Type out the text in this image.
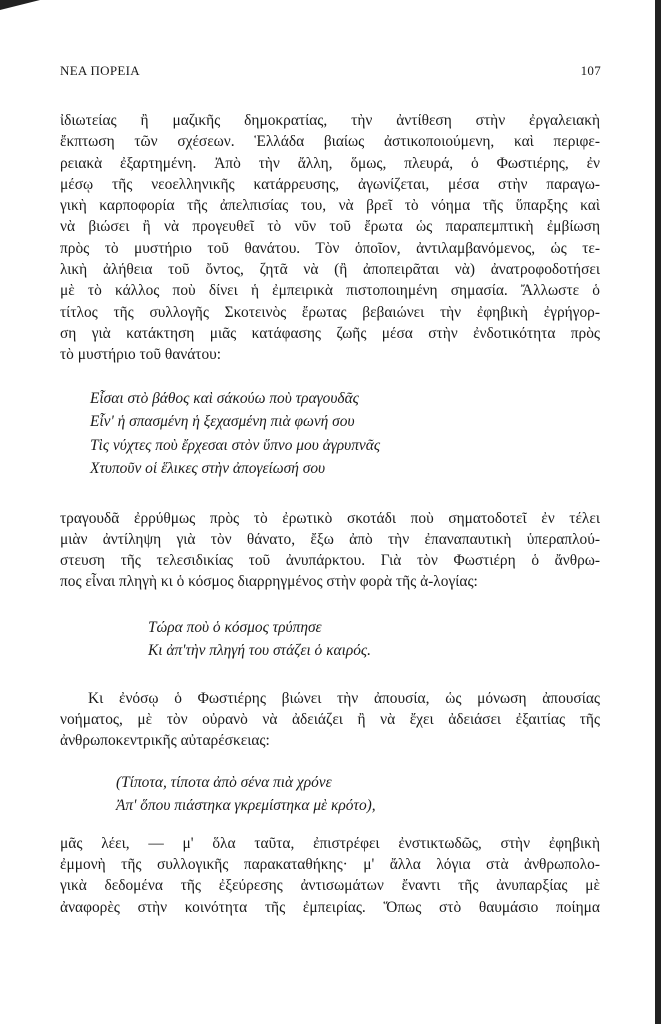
ΝΕΑ ΠΟΡΕΙΑ	107
ἰδιωτείας ἢ μαζικῆς δημοκρατίας, τὴν ἀντίθεση στὴν ἐργαλειακὴ
ἔκπτωση τῶν σχέσεων. Ἑλλάδα βιαίως ἀστικοποιούμενη, καὶ περιφε-
ρειακὰ ἐξαρτημένη. Ἀπὸ τὴν ἄλλη, ὅμως, πλευρά, ὁ Φωστιέρης, ἐν
μέσῳ τῆς νεοελληνικῆς κατάρρευσης, ἀγωνίζεται, μέσα στὴν παραγω-
γικὴ καρποφορία τῆς ἀπελπισίας του, νὰ βρεῖ τὸ νόημα τῆς ὕπαρξης καὶ
νὰ βιώσει ἢ νὰ προγευθεῖ τὸ νῦν τοῦ ἔρωτα ὡς παραπεμπτικὴ ἐμβίωση
πρὸς τὸ μυστήριο τοῦ θανάτου. Τὸν ὁποῖον, ἀντιλαμβανόμενος, ὡς τε-
λικὴ ἀλήθεια τοῦ ὄντος, ζητᾶ νὰ (ἢ ἀποπειρᾶται νὰ) ἀνατροφοδοτήσει
μὲ τὸ κάλλος ποὺ δίνει ἡ ἐμπειρικὰ πιστοποιημένη σημασία. Ἄλλωστε ὁ
τίτλος τῆς συλλογῆς Σκοτεινὸς ἔρωτας βεβαιώνει τὴν ἐφηβικὴ ἐγρήγορ-
ση γιὰ κατάκτηση μιᾶς κατάφασης ζωῆς μέσα στὴν ἐνδοτικότητα πρὸς
τὸ μυστήριο τοῦ θανάτου:
Εἶσαι στὸ βάθος καὶ σάκούω ποὺ τραγουδᾶς
Εἶν' ἡ σπασμένη ἡ ξεχασμένη πιὰ φωνή σου
Τὶς νύχτες ποὺ ἔρχεσαι στὸν ὕπνο μου ἀγρυπνᾶς
Χτυποῦν οἱ ἕλικες στὴν ἀπογείωσή σου
τραγουδᾶ ἐρρύθμως πρὸς τὸ ἐρωτικὸ σκοτάδι ποὺ σηματοδοτεῖ ἐν τέλει
μιὰν ἀντίληψη γιὰ τὸν θάνατο, ἔξω ἀπὸ τὴν ἐπαναπαυτικὴ ὑπεραπλού-
στευση τῆς τελεσιδικίας τοῦ ἀνυπάρκτου. Γιὰ τὸν Φωστιέρη ὁ ἄνθρω-
πος εἶναι πληγὴ κι ὁ κόσμος διαρρηγμένος στὴν φορὰ τῆς ἀ-λογίας:
Τώρα ποὺ ὁ κόσμος τρύπησε
Κι ἀπ'τὴν πληγή του στάζει ὁ καιρός.
Κι ἐνόσῳ ὁ Φωστιέρης βιώνει τὴν ἀπουσία, ὡς μόνωση ἀπουσίας
νοήματος, μὲ τὸν οὐρανὸ νὰ ἀδειάζει ἢ νὰ ἔχει ἀδειάσει ἐξαιτίας τῆς
ἀνθρωποκεντρικῆς αὐταρέσκειας:
(Τίποτα, τίποτα ἀπὸ σένα πιὰ χρόνε
Ἀπ' ὅπου πιάστηκα γκρεμίστηκα μὲ κρότο),
μᾶς λέει, — μ' ὅλα ταῦτα, ἐπιστρέφει ἐνστικτωδῶς, στὴν ἐφηβικὴ
ἐμμονὴ τῆς συλλογικῆς παρακαταθήκης· μ' ἄλλα λόγια στὰ ἀνθρωπολο-
γικὰ δεδομένα τῆς ἐξεύρεσης ἀντισωμάτων ἔναντι τῆς ἀνυπαρξίας μὲ
ἀναφορὲς στὴν κοινότητα τῆς ἐμπειρίας. Ὅπως στὸ θαυμάσιο ποίημα
